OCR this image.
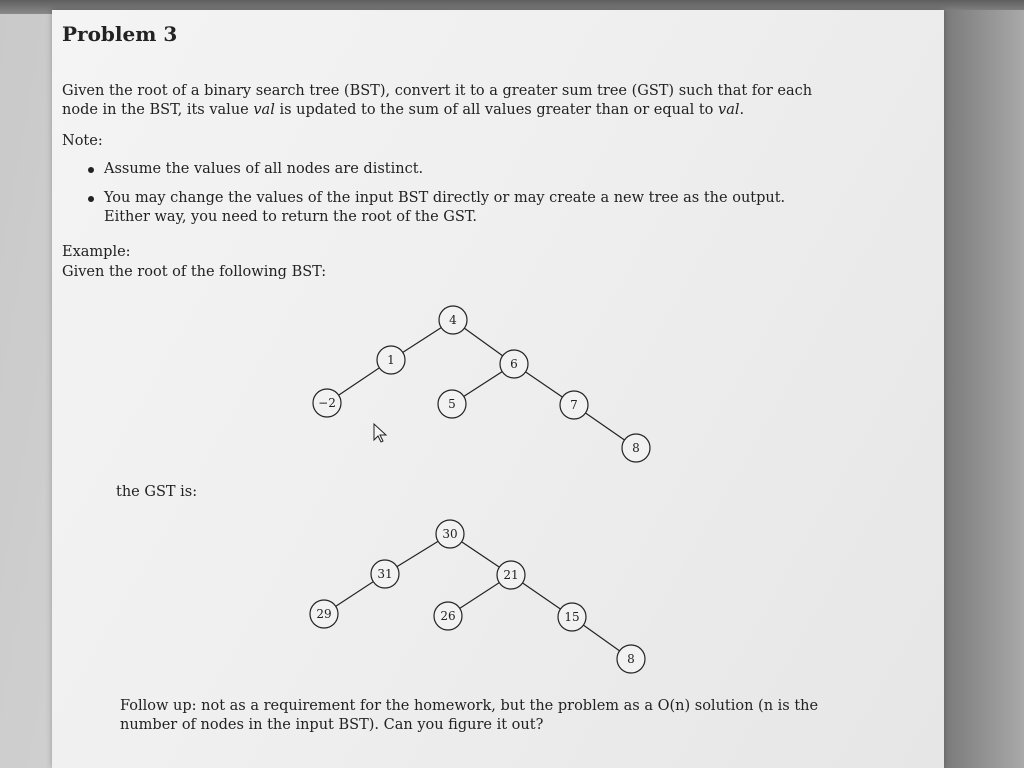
Problem 3

Given the root of a binary search tree (BST), convert it to a greater sum tree (GST) such that for each node in the BST, its value val is updated to the sum of all values greater than or equal to val.

Note:

Assume the values of all nodes are distinct.
You may change the values of the input BST directly or may create a new tree as the output. Either way, you need to return the root of the GST.

Example:

Given the root of the following BST:

4
1	6
−2	5	7
8
30
31	21
29	26	15
8

the GST is:

Follow up: not as a requirement for the homework, but the problem as a O(n) solution (n is the number of nodes in the input BST). Can you figure it out?
